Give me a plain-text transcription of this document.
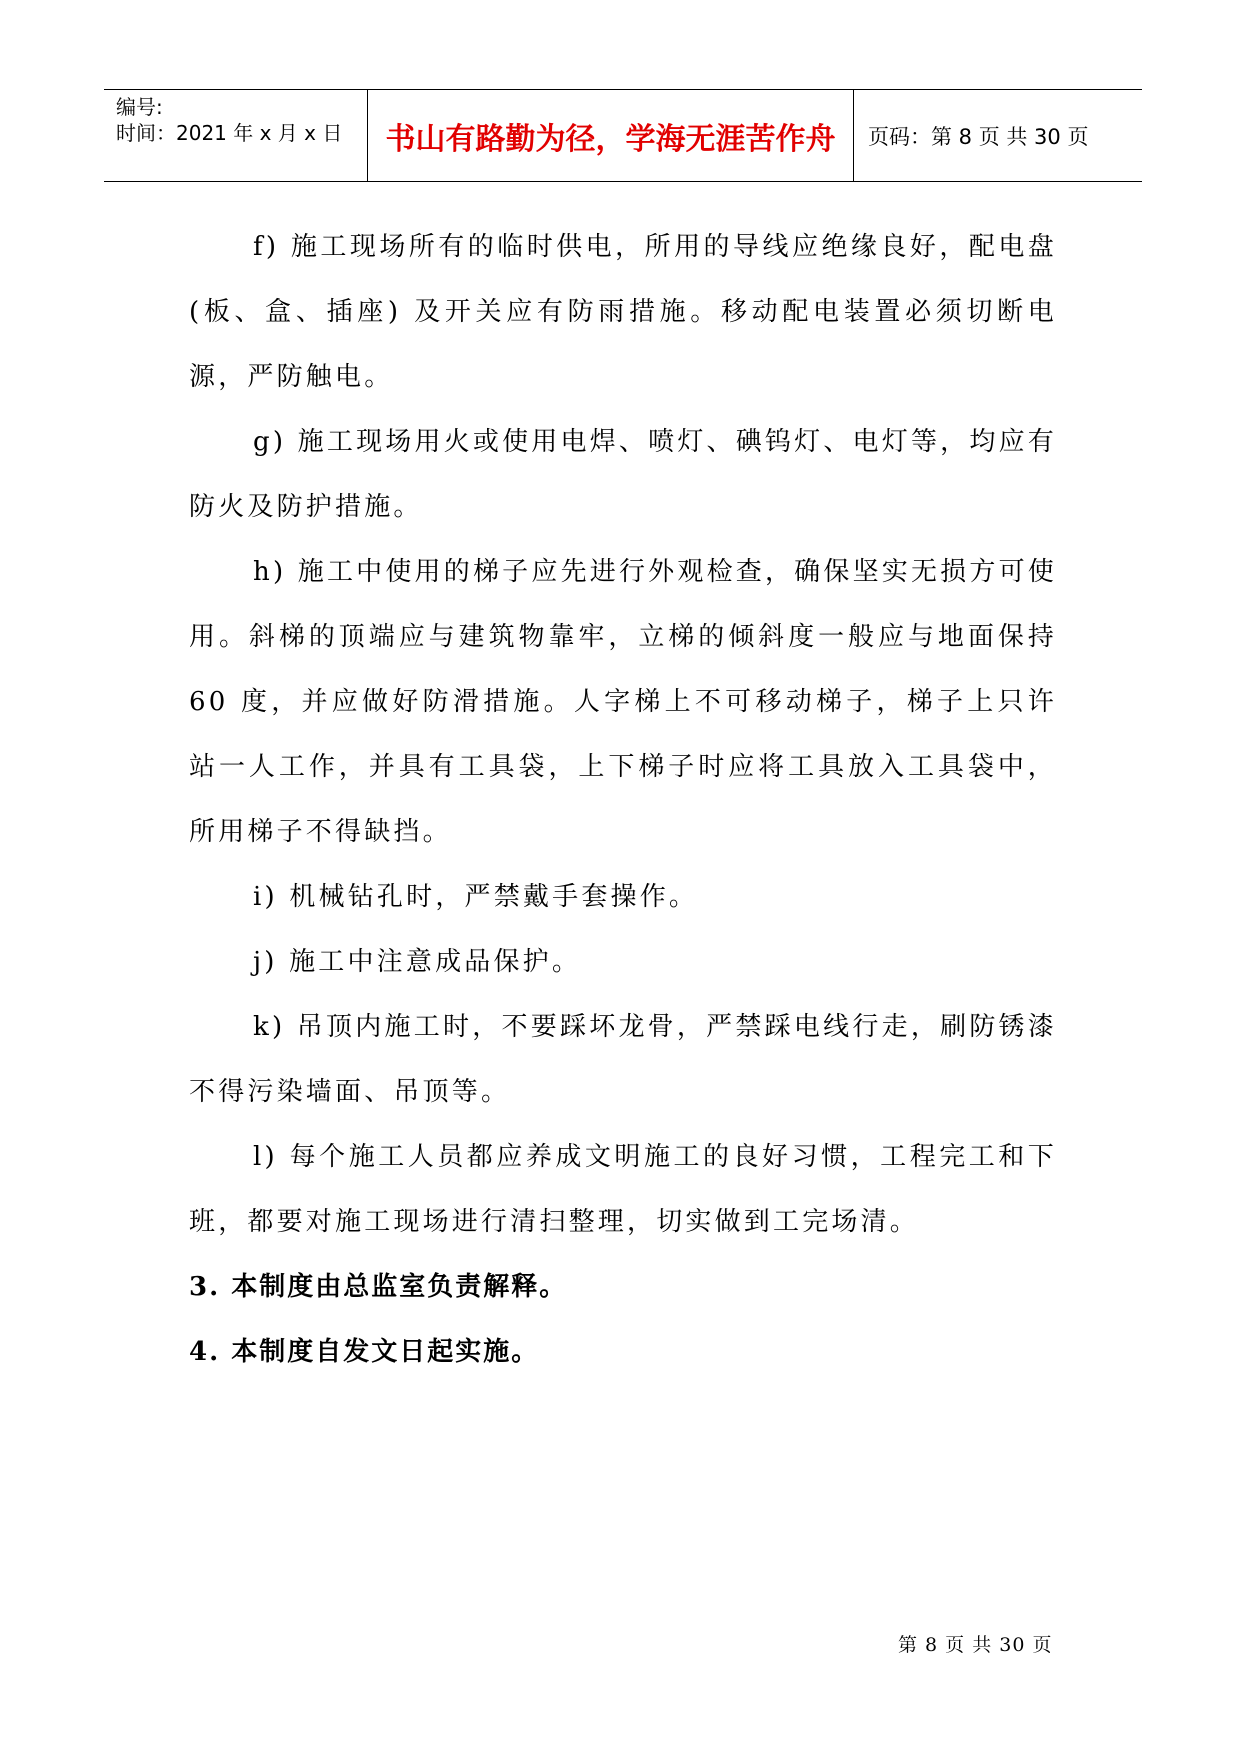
编号:
时间：2021 年 x 月 x 日	书山有路勤为径，学海无涯苦作舟 页码：第 8 页 共 30 页

f) 施工现场所有的临时供电，所用的导线应绝缘良好，配电盘(板、盒、插座) 及开关应有防雨措施。移动配电装置必须切断电源，严防触电。

g) 施工现场用火或使用电焊、喷灯、碘钨灯、电灯等，均应有防火及防护措施。

h) 施工中使用的梯子应先进行外观检查，确保坚实无损方可使用。斜梯的顶端应与建筑物靠牢，立梯的倾斜度一般应与地面保持 60 度，并应做好防滑措施。人字梯上不可移动梯子，梯子上只许站一人工作，并具有工具袋，上下梯子时应将工具放入工具袋中，所用梯子不得缺挡。

i) 机械钻孔时，严禁戴手套操作。

j) 施工中注意成品保护。

k) 吊顶内施工时，不要踩坏龙骨，严禁踩电线行走，刷防锈漆不得污染墙面、吊顶等。

l) 每个施工人员都应养成文明施工的良好习惯，工程完工和下班，都要对施工现场进行清扫整理，切实做到工完场清。

3. 本制度由总监室负责解释。

4. 本制度自发文日起实施。

第 8 页 共 30 页
